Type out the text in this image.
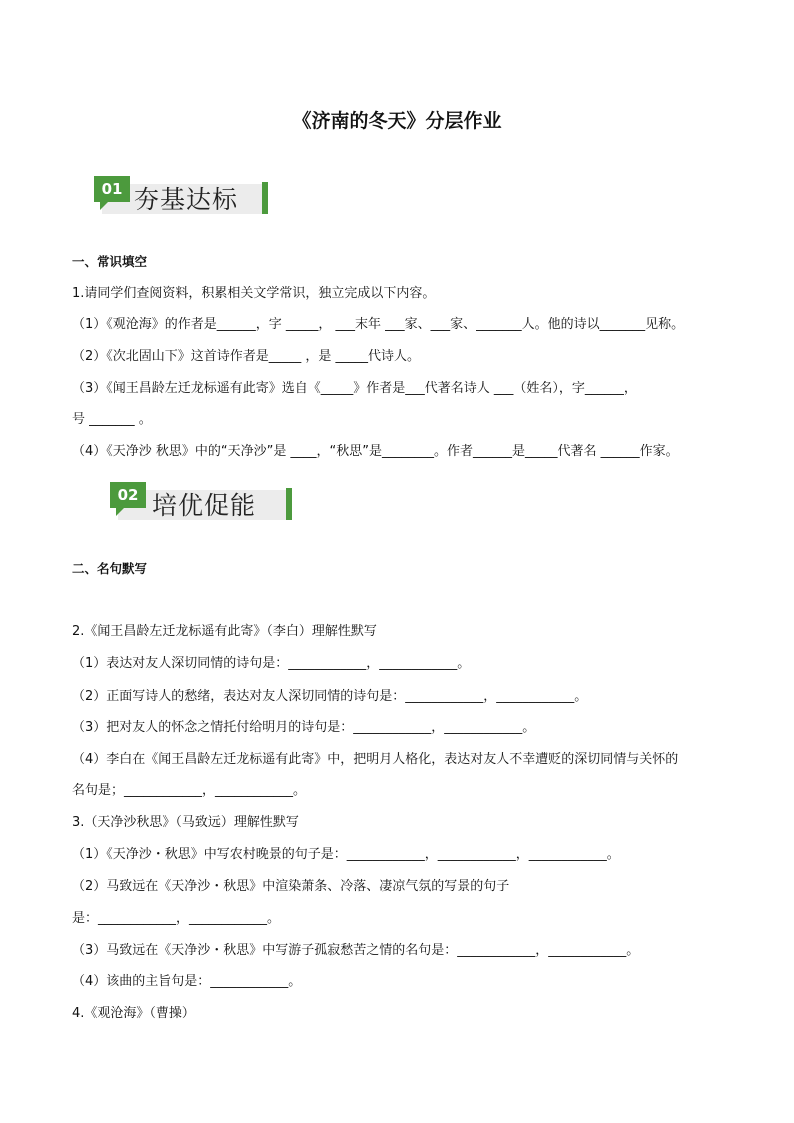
《济南的冬天》分层作业
01 夯基达标
02 培优促能
一、常识填空
1.请同学们查阅资料，积累相关文学常识，独立完成以下内容。
（1）《观沧海》的作者是______，字 _____， ___末年 ___家、___家、_______人。他的诗以_______见称。
（2）《次北固山下》这首诗作者是_____ ，是 _____代诗人。
（3）《闻王昌龄左迁龙标遥有此寄》选自《_____》作者是___代著名诗人 ___（姓名），字______，
号 _______ 。
（4）《天净沙 秋思》中的“天净沙”是 ____，“秋思”是________。作者______是_____代著名 ______作家。
二、名句默写
2.《闻王昌龄左迁龙标遥有此寄》（李白）理解性默写
（1）表达对友人深切同情的诗句是：____________，____________。
（2）正面写诗人的愁绪，表达对友人深切同情的诗句是：____________，____________。
（3）把对友人的怀念之情托付给明月的诗句是：____________，____________。
（4）李白在《闻王昌龄左迁龙标遥有此寄》中，把明月人格化，表达对友人不幸遭贬的深切同情与关怀的
名句是；____________，____________。
3.（天净沙秋思》（马致远）理解性默写
（1）《天净沙・秋思》中写农村晚景的句子是：____________，____________，____________。
（2）马致远在《天净沙・秋思》中渲染萧条、冷落、凄凉气氛的写景的句子
是：____________，____________。
（3）马致远在《天净沙・秋思》中写游子孤寂愁苦之情的名句是：____________，____________。
（4）该曲的主旨句是：____________。
4.《观沧海》（曹操）
